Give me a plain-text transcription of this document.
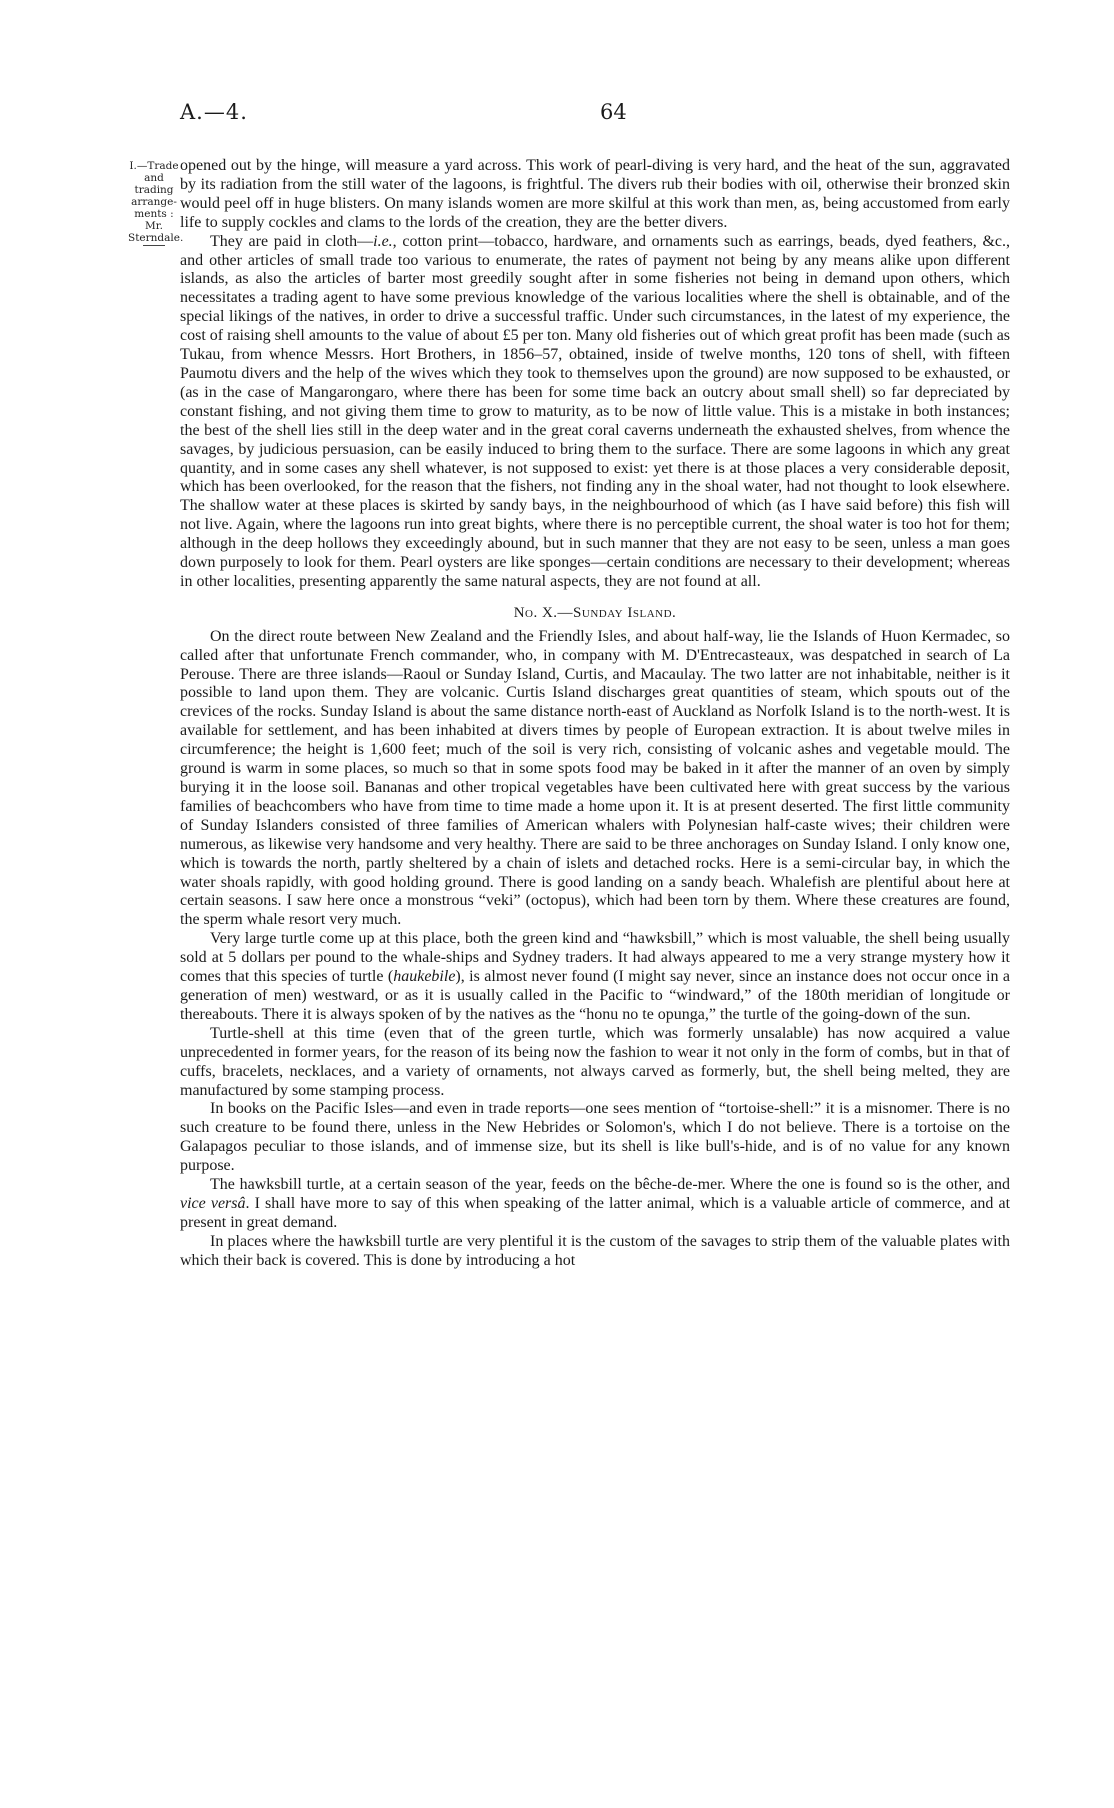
A.—4.	64
I.—Trade and
trading arrange-
ments :
Mr. Sterndale.

opened out by the hinge, will measure a yard across. This work of pearl-diving is very hard, and the heat of the sun, aggravated by its radiation from the still water of the lagoons, is frightful. The divers rub their bodies with oil, otherwise their bronzed skin would peel off in huge blisters. On many islands women are more skilful at this work than men, as, being accustomed from early life to supply cockles and clams to the lords of the creation, they are the better divers.

They are paid in cloth—i.e., cotton print—tobacco, hardware, and ornaments such as earrings, beads, dyed feathers, &c., and other articles of small trade too various to enumerate, the rates of payment not being by any means alike upon different islands, as also the articles of barter most greedily sought after in some fisheries not being in demand upon others, which necessitates a trading agent to have some previous knowledge of the various localities where the shell is obtainable, and of the special likings of the natives, in order to drive a successful traffic. Under such circumstances, in the latest of my experience, the cost of raising shell amounts to the value of about £5 per ton. Many old fisheries out of which great profit has been made (such as Tukau, from whence Messrs. Hort Brothers, in 1856–57, obtained, inside of twelve months, 120 tons of shell, with fifteen Paumotu divers and the help of the wives which they took to themselves upon the ground) are now supposed to be exhausted, or (as in the case of Mangarongaro, where there has been for some time back an outcry about small shell) so far depreciated by constant fishing, and not giving them time to grow to maturity, as to be now of little value. This is a mistake in both instances; the best of the shell lies still in the deep water and in the great coral caverns underneath the exhausted shelves, from whence the savages, by judicious persuasion, can be easily induced to bring them to the surface. There are some lagoons in which any great quantity, and in some cases any shell whatever, is not supposed to exist: yet there is at those places a very considerable deposit, which has been overlooked, for the reason that the fishers, not finding any in the shoal water, had not thought to look elsewhere. The shallow water at these places is skirted by sandy bays, in the neighbourhood of which (as I have said before) this fish will not live. Again, where the lagoons run into great bights, where there is no perceptible current, the shoal water is too hot for them; although in the deep hollows they exceedingly abound, but in such manner that they are not easy to be seen, unless a man goes down purposely to look for them. Pearl oysters are like sponges—certain conditions are necessary to their development; whereas in other localities, presenting apparently the same natural aspects, they are not found at all.

No. X.—Sunday Island.

On the direct route between New Zealand and the Friendly Isles, and about half-way, lie the Islands of Huon Kermadec, so called after that unfortunate French commander, who, in company with M. D'Entrecasteaux, was despatched in search of La Perouse. There are three islands—Raoul or Sunday Island, Curtis, and Macaulay. The two latter are not inhabitable, neither is it possible to land upon them. They are volcanic. Curtis Island discharges great quantities of steam, which spouts out of the crevices of the rocks. Sunday Island is about the same distance north-east of Auckland as Norfolk Island is to the north-west. It is available for settlement, and has been inhabited at divers times by people of European extraction. It is about twelve miles in circumference; the height is 1,600 feet; much of the soil is very rich, consisting of volcanic ashes and vegetable mould. The ground is warm in some places, so much so that in some spots food may be baked in it after the manner of an oven by simply burying it in the loose soil. Bananas and other tropical vegetables have been cultivated here with great success by the various families of beachcombers who have from time to time made a home upon it. It is at present deserted. The first little community of Sunday Islanders consisted of three families of American whalers with Polynesian half-caste wives; their children were numerous, as likewise very handsome and very healthy. There are said to be three anchorages on Sunday Island. I only know one, which is towards the north, partly sheltered by a chain of islets and detached rocks. Here is a semi-circular bay, in which the water shoals rapidly, with good holding ground. There is good landing on a sandy beach. Whalefish are plentiful about here at certain seasons. I saw here once a monstrous “veki” (octopus), which had been torn by them. Where these creatures are found, the sperm whale resort very much.

Very large turtle come up at this place, both the green kind and “hawksbill,” which is most valuable, the shell being usually sold at 5 dollars per pound to the whale-ships and Sydney traders. It had always appeared to me a very strange mystery how it comes that this species of turtle (haukebile), is almost never found (I might say never, since an instance does not occur once in a generation of men) westward, or as it is usually called in the Pacific to “windward,” of the 180th meridian of longitude or thereabouts. There it is always spoken of by the natives as the “honu no te opunga,” the turtle of the going-down of the sun.

Turtle-shell at this time (even that of the green turtle, which was formerly unsalable) has now acquired a value unprecedented in former years, for the reason of its being now the fashion to wear it not only in the form of combs, but in that of cuffs, bracelets, necklaces, and a variety of ornaments, not always carved as formerly, but, the shell being melted, they are manufactured by some stamping process.

In books on the Pacific Isles—and even in trade reports—one sees mention of “tortoise-shell:” it is a misnomer. There is no such creature to be found there, unless in the New Hebrides or Solomon's, which I do not believe. There is a tortoise on the Galapagos peculiar to those islands, and of immense size, but its shell is like bull's-hide, and is of no value for any known purpose.

The hawksbill turtle, at a certain season of the year, feeds on the bêche-de-mer. Where the one is found so is the other, and vice versâ. I shall have more to say of this when speaking of the latter animal, which is a valuable article of commerce, and at present in great demand.

In places where the hawksbill turtle are very plentiful it is the custom of the savages to strip them of the valuable plates with which their back is covered. This is done by introducing a hot
